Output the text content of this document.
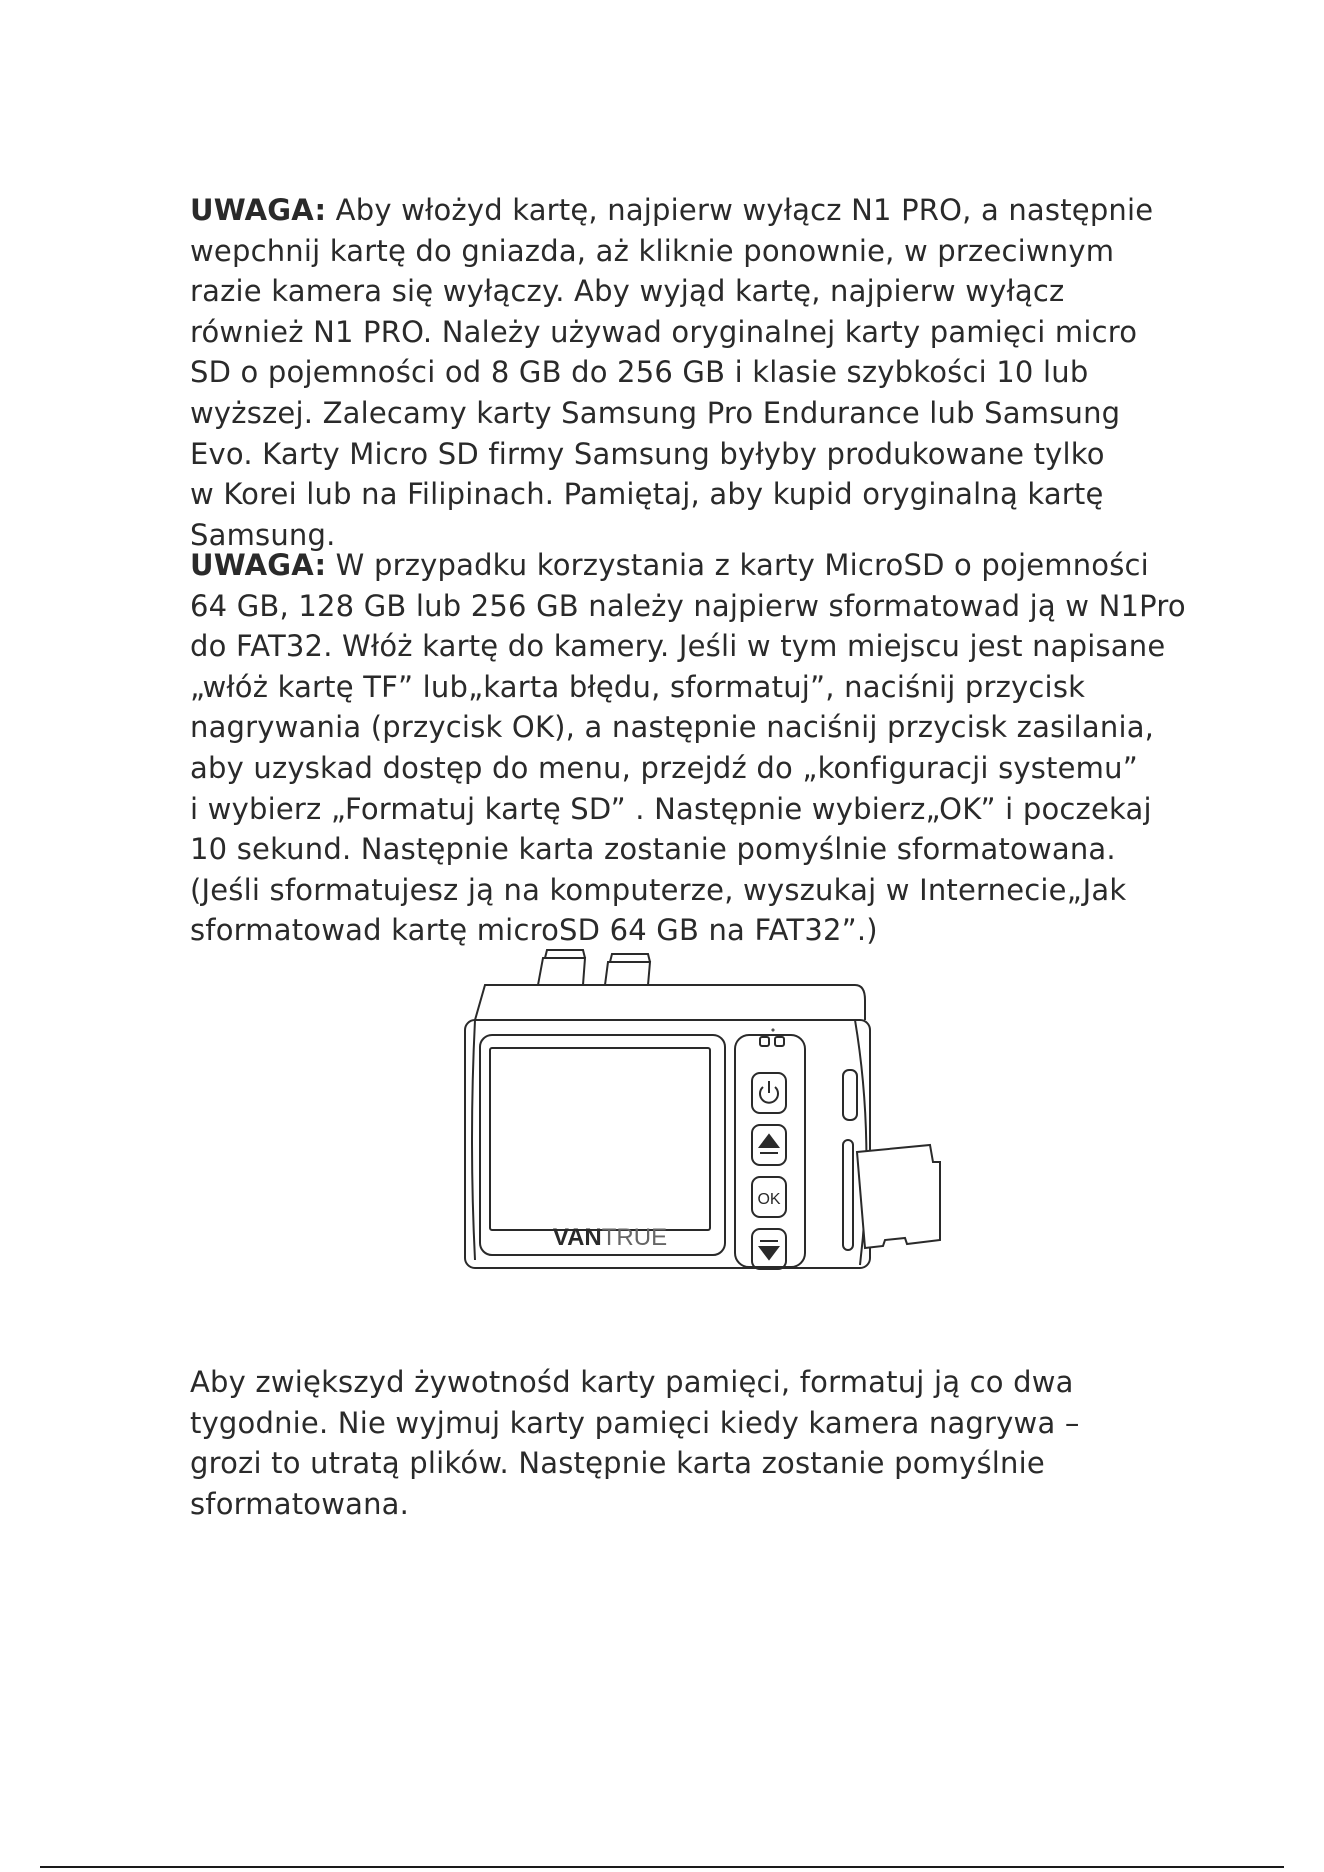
UWAGA: Aby włożyd kartę, najpierw wyłącz N1 PRO, a następnie
wepchnij kartę do gniazda, aż kliknie ponownie, w przeciwnym
razie kamera się wyłączy. Aby wyjąd kartę, najpierw wyłącz
również N1 PRO. Należy używad oryginalnej karty pamięci micro
SD o pojemności od 8 GB do 256 GB i klasie szybkości 10 lub
wyższej. Zalecamy karty Samsung Pro Endurance lub Samsung
Evo. Karty Micro SD firmy Samsung byłyby produkowane tylko
w Korei lub na Filipinach. Pamiętaj, aby kupid oryginalną kartę
Samsung.
UWAGA: W przypadku korzystania z karty MicroSD o pojemności
64 GB, 128 GB lub 256 GB należy najpierw sformatowad ją w N1Pro
do FAT32. Włóż kartę do kamery. Jeśli w tym miejscu jest napisane
„włóż kartę TF” lub„karta błędu, sformatuj”, naciśnij przycisk
nagrywania (przycisk OK), a następnie naciśnij przycisk zasilania,
aby uzyskad dostęp do menu, przejdź do „konfiguracji systemu”
i wybierz „Formatuj kartę SD” . Następnie wybierz„OK” i poczekaj
10 sekund. Następnie karta zostanie pomyślnie sformatowana.
(Jeśli sformatujesz ją na komputerze, wyszukaj w Internecie„Jak
sformatowad kartę microSD 64 GB na FAT32”.)
VANTRUE
OK
Aby zwiększyd żywotnośd karty pamięci, formatuj ją co dwa
tygodnie. Nie wyjmuj karty pamięci kiedy kamera nagrywa –
grozi to utratą plików. Następnie karta zostanie pomyślnie
sformatowana.
